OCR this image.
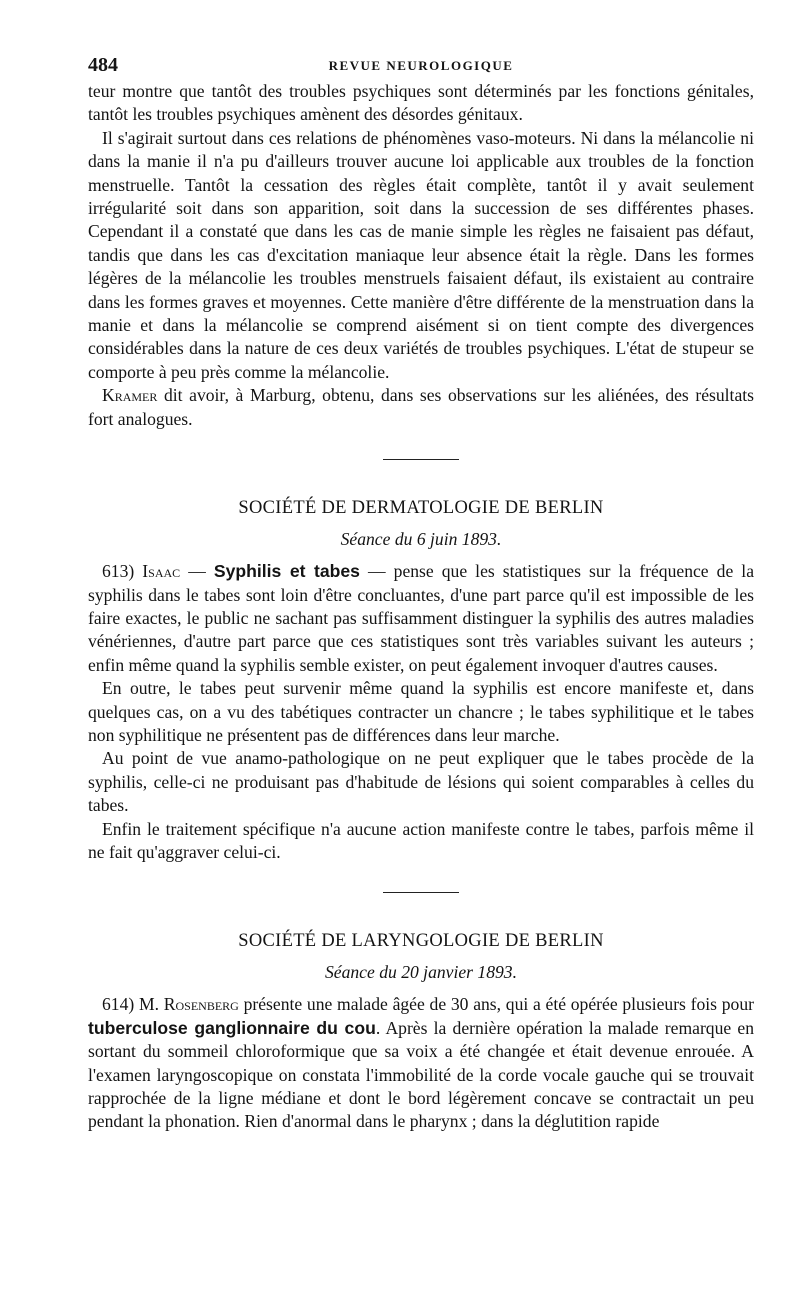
484	REVUE NEUROLOGIQUE

teur montre que tantôt des troubles psychiques sont déterminés par les fonctions génitales, tantôt les troubles psychiques amènent des désordes génitaux.

Il s'agirait surtout dans ces relations de phénomènes vaso-moteurs. Ni dans la mélancolie ni dans la manie il n'a pu d'ailleurs trouver aucune loi applicable aux troubles de la fonction menstruelle. Tantôt la cessation des règles était complète, tantôt il y avait seulement irrégularité soit dans son apparition, soit dans la succession de ses différentes phases. Cependant il a constaté que dans les cas de manie simple les règles ne faisaient pas défaut, tandis que dans les cas d'excitation maniaque leur absence était la règle. Dans les formes légères de la mélancolie les troubles menstruels faisaient défaut, ils existaient au contraire dans les formes graves et moyennes. Cette manière d'être différente de la menstruation dans la manie et dans la mélancolie se comprend aisément si on tient compte des divergences considérables dans la nature de ces deux variétés de troubles psychiques. L'état de stupeur se comporte à peu près comme la mélancolie.

Kramer dit avoir, à Marburg, obtenu, dans ses observations sur les aliénées, des résultats fort analogues.

SOCIÉTÉ DE DERMATOLOGIE DE BERLIN
Séance du 6 juin 1893.

613) Isaac — Syphilis et tabes — pense que les statistiques sur la fréquence de la syphilis dans le tabes sont loin d'être concluantes, d'une part parce qu'il est impossible de les faire exactes, le public ne sachant pas suffisamment distinguer la syphilis des autres maladies vénériennes, d'autre part parce que ces statistiques sont très variables suivant les auteurs ; enfin même quand la syphilis semble exister, on peut également invoquer d'autres causes.

En outre, le tabes peut survenir même quand la syphilis est encore manifeste et, dans quelques cas, on a vu des tabétiques contracter un chancre ; le tabes syphilitique et le tabes non syphilitique ne présentent pas de différences dans leur marche.

Au point de vue anamo-pathologique on ne peut expliquer que le tabes procède de la syphilis, celle-ci ne produisant pas d'habitude de lésions qui soient comparables à celles du tabes.

Enfin le traitement spécifique n'a aucune action manifeste contre le tabes, parfois même il ne fait qu'aggraver celui-ci.

SOCIÉTÉ DE LARYNGOLOGIE DE BERLIN
Séance du 20 janvier 1893.

614) M. Rosenberg présente une malade âgée de 30 ans, qui a été opérée plusieurs fois pour tuberculose ganglionnaire du cou. Après la dernière opération la malade remarque en sortant du sommeil chloroformique que sa voix a été changée et était devenue enrouée. A l'examen laryngoscopique on constata l'immobilité de la corde vocale gauche qui se trouvait rapprochée de la ligne médiane et dont le bord légèrement concave se contractait un peu pendant la phonation. Rien d'anormal dans le pharynx ; dans la déglutition rapide
